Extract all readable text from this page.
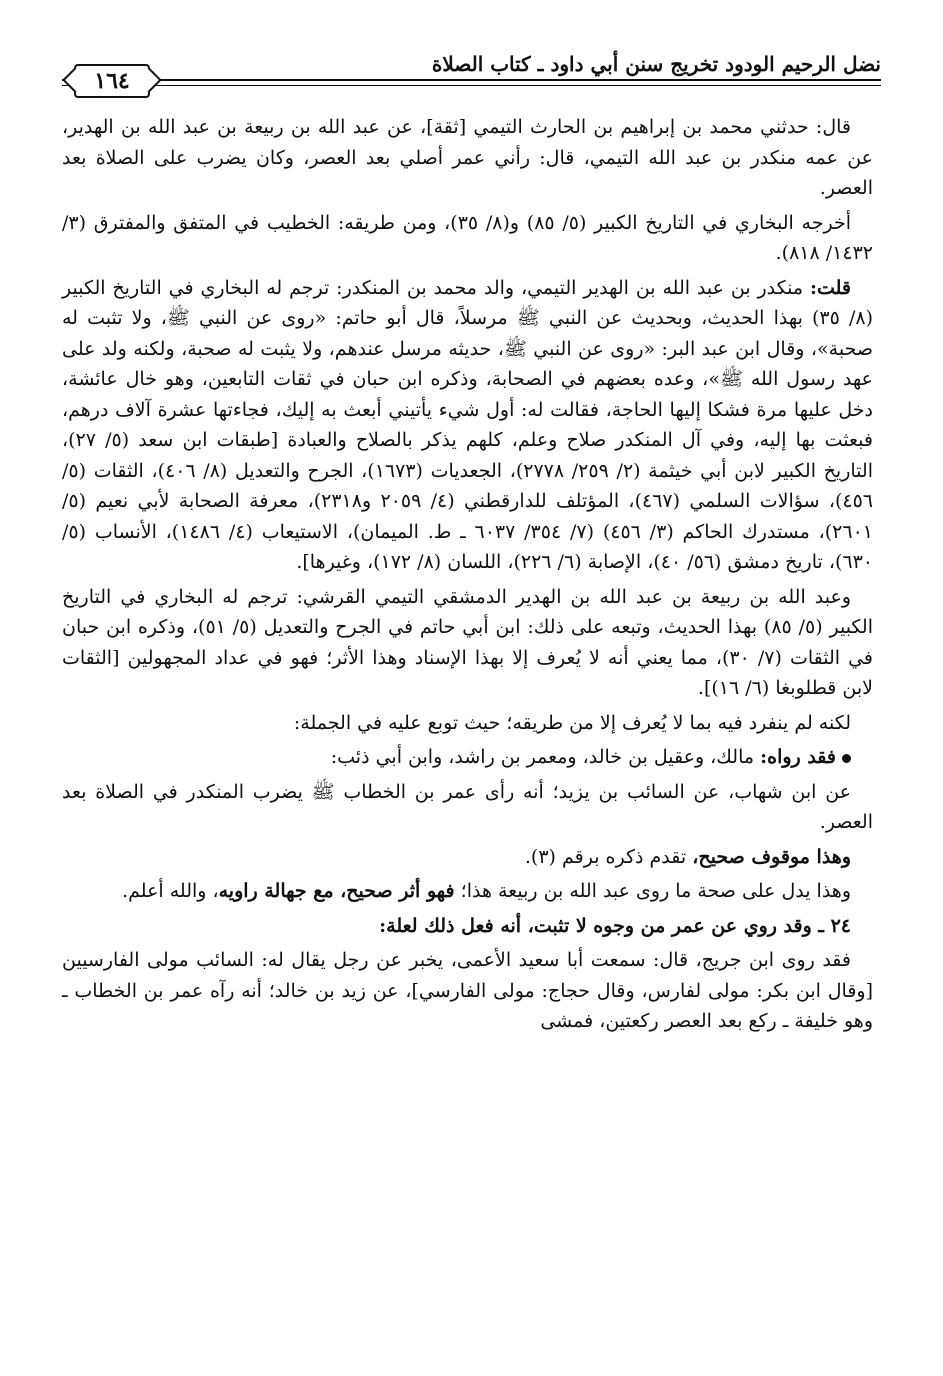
نضل الرحيم الودود تخريج سنن أبي داود ـ كتاب الصلاة
١٦٤

قال: حدثني محمد بن إبراهيم بن الحارث التيمي [ثقة]، عن عبد الله بن ربيعة بن عبد الله بن الهدير، عن عمه منكدر بن عبد الله التيمي، قال: رأني عمر أصلي بعد العصر، وكان يضرب على الصلاة بعد العصر.

أخرجه البخاري في التاريخ الكبير (٥/ ٨٥) و(٨/ ٣٥)، ومن طريقه: الخطيب في المتفق والمفترق (٣/ ١٤٣٢/ ٨١٨).

قلت: منكدر بن عبد الله بن الهدير التيمي، والد محمد بن المنكدر: ترجم له البخاري في التاريخ الكبير (٨/ ٣٥) بهذا الحديث، وبحديث عن النبي ﷺ مرسلاً، قال أبو حاتم: «روى عن النبي ﷺ، ولا تثبت له صحبة»، وقال ابن عبد البر: «روى عن النبي ﷺ، حديثه مرسل عندهم، ولا يثبت له صحبة، ولكنه ولد على عهد رسول الله ﷺ»، وعده بعضهم في الصحابة، وذكره ابن حبان في ثقات التابعين، وهو خال عائشة، دخل عليها مرة فشكا إليها الحاجة، فقالت له: أول شيء يأتيني أبعث به إليك، فجاءتها عشرة آلاف درهم، فبعثت بها إليه، وفي آل المنكدر صلاح وعلم، كلهم يذكر بالصلاح والعبادة [طبقات ابن سعد (٥/ ٢٧)، التاريخ الكبير لابن أبي خيثمة (٢/ ٢٥٩/ ٢٧٧٨)، الجعديات (١٦٧٣)، الجرح والتعديل (٨/ ٤٠٦)، الثقات (٥/ ٤٥٦)، سؤالات السلمي (٤٦٧)، المؤتلف للدارقطني (٤/ ٢٠٥٩ و٢٣١٨)، معرفة الصحابة لأبي نعيم (٥/ ٢٦٠١)، مستدرك الحاكم (٣/ ٤٥٦) (٧/ ٣٥٤/ ٦٠٣٧ ـ ط. الميمان)، الاستيعاب (٤/ ١٤٨٦)، الأنساب (٥/ ٦٣٠)، تاريخ دمشق (٥٦/ ٤٠)، الإصابة (٦/ ٢٢٦)، اللسان (٨/ ١٧٢)، وغيرها].

وعبد الله بن ربيعة بن عبد الله بن الهدير الدمشقي التيمي القرشي: ترجم له البخاري في التاريخ الكبير (٥/ ٨٥) بهذا الحديث، وتبعه على ذلك: ابن أبي حاتم في الجرح والتعديل (٥/ ٥١)، وذكره ابن حبان في الثقات (٧/ ٣٠)، مما يعني أنه لا يُعرف إلا بهذا الإسناد وهذا الأثر؛ فهو في عداد المجهولين [الثقات لابن قطلوبغا (٦/ ١٦)].

لكنه لم ينفرد فيه بما لا يُعرف إلا من طريقه؛ حيث توبع عليه في الجملة:

فقد رواه: مالك، وعقيل بن خالد، ومعمر بن راشد، وابن أبي ذئب:

عن ابن شهاب، عن السائب بن يزيد؛ أنه رأى عمر بن الخطاب ﷺ يضرب المنكدر في الصلاة بعد العصر.

وهذا موقوف صحيح، تقدم ذكره برقم (٣).

وهذا يدل على صحة ما روى عبد الله بن ربيعة هذا؛ فهو أثر صحيح، مع جهالة راويه، والله أعلم.

٢٤ ـ وقد روي عن عمر من وجوه لا تثبت، أنه فعل ذلك لعلة:

فقد روى ابن جريج، قال: سمعت أبا سعيد الأعمى، يخبر عن رجل يقال له: السائب مولى الفارسيين [وقال ابن بكر: مولى لفارس، وقال حجاج: مولى الفارسي]، عن زيد بن خالد؛ أنه رآه عمر بن الخطاب ـ وهو خليفة ـ ركع بعد العصر ركعتين، فمشى
